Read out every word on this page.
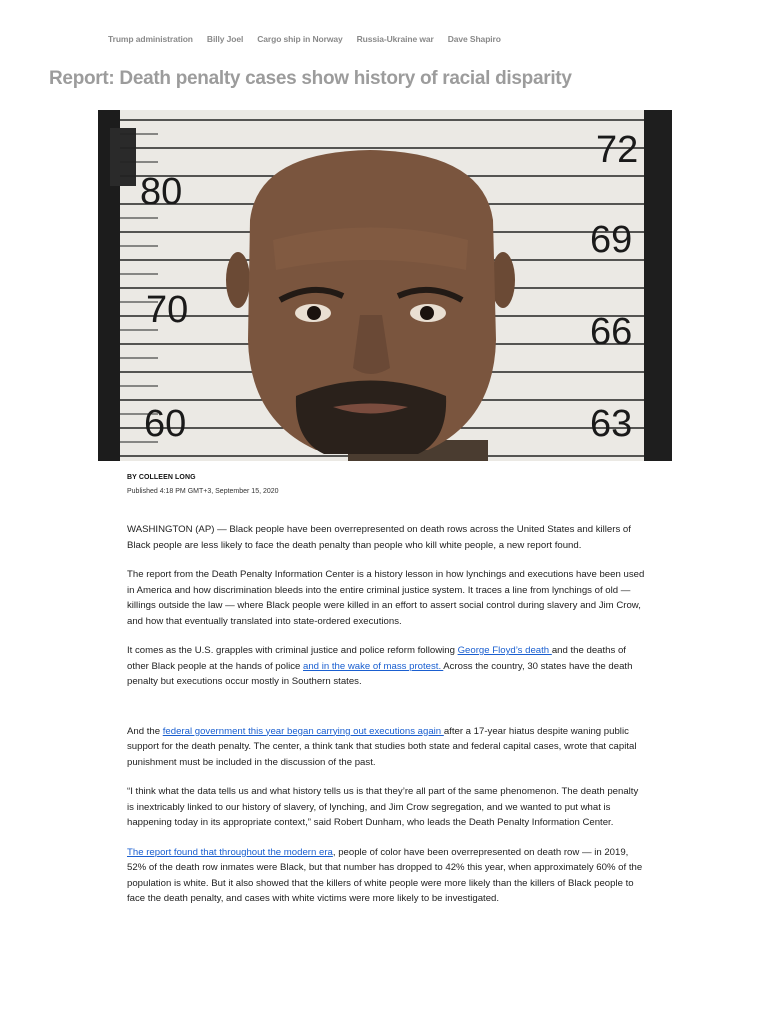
Trump administration Billy Joel Cargo ship in Norway Russia-Ukraine war Dave Shapiro
Report: Death penalty cases show history of racial disparity
72
69
66
63
80
70
60
BY COLLEEN LONG
Published 4:18 PM GMT+3, September 15, 2020

WASHINGTON (AP) — Black people have been overrepresented on death rows across the United States and killers of Black people are less likely to face the death penalty than people who kill white people, a new report found.

The report from the Death Penalty Information Center is a history lesson in how lynchings and executions have been used in America and how discrimination bleeds into the entire criminal justice system. It traces a line from lynchings of old — killings outside the law — where Black people were killed in an effort to assert social control during slavery and Jim Crow, and how that eventually translated into state-ordered executions.

It comes as the U.S. grapples with criminal justice and police reform following George Floyd’s death and the deaths of other Black people at the hands of police and in the wake of mass protest. Across the country, 30 states have the death penalty but executions occur mostly in Southern states.

And the federal government this year began carrying out executions again after a 17-year hiatus despite waning public support for the death penalty. The center, a think tank that studies both state and federal capital cases, wrote that capital punishment must be included in the discussion of the past.

“I think what the data tells us and what history tells us is that they’re all part of the same phenomenon. The death penalty is inextricably linked to our history of slavery, of lynching, and Jim Crow segregation, and we wanted to put what is happening today in its appropriate context,” said Robert Dunham, who leads the Death Penalty Information Center.

The report found that throughout the modern era, people of color have been overrepresented on death row — in 2019, 52% of the death row inmates were Black, but that number has dropped to 42% this year, when approximately 60% of the population is white. But it also showed that the killers of white people were more likely than the killers of Black people to face the death penalty, and cases with white victims were more likely to be investigated.
